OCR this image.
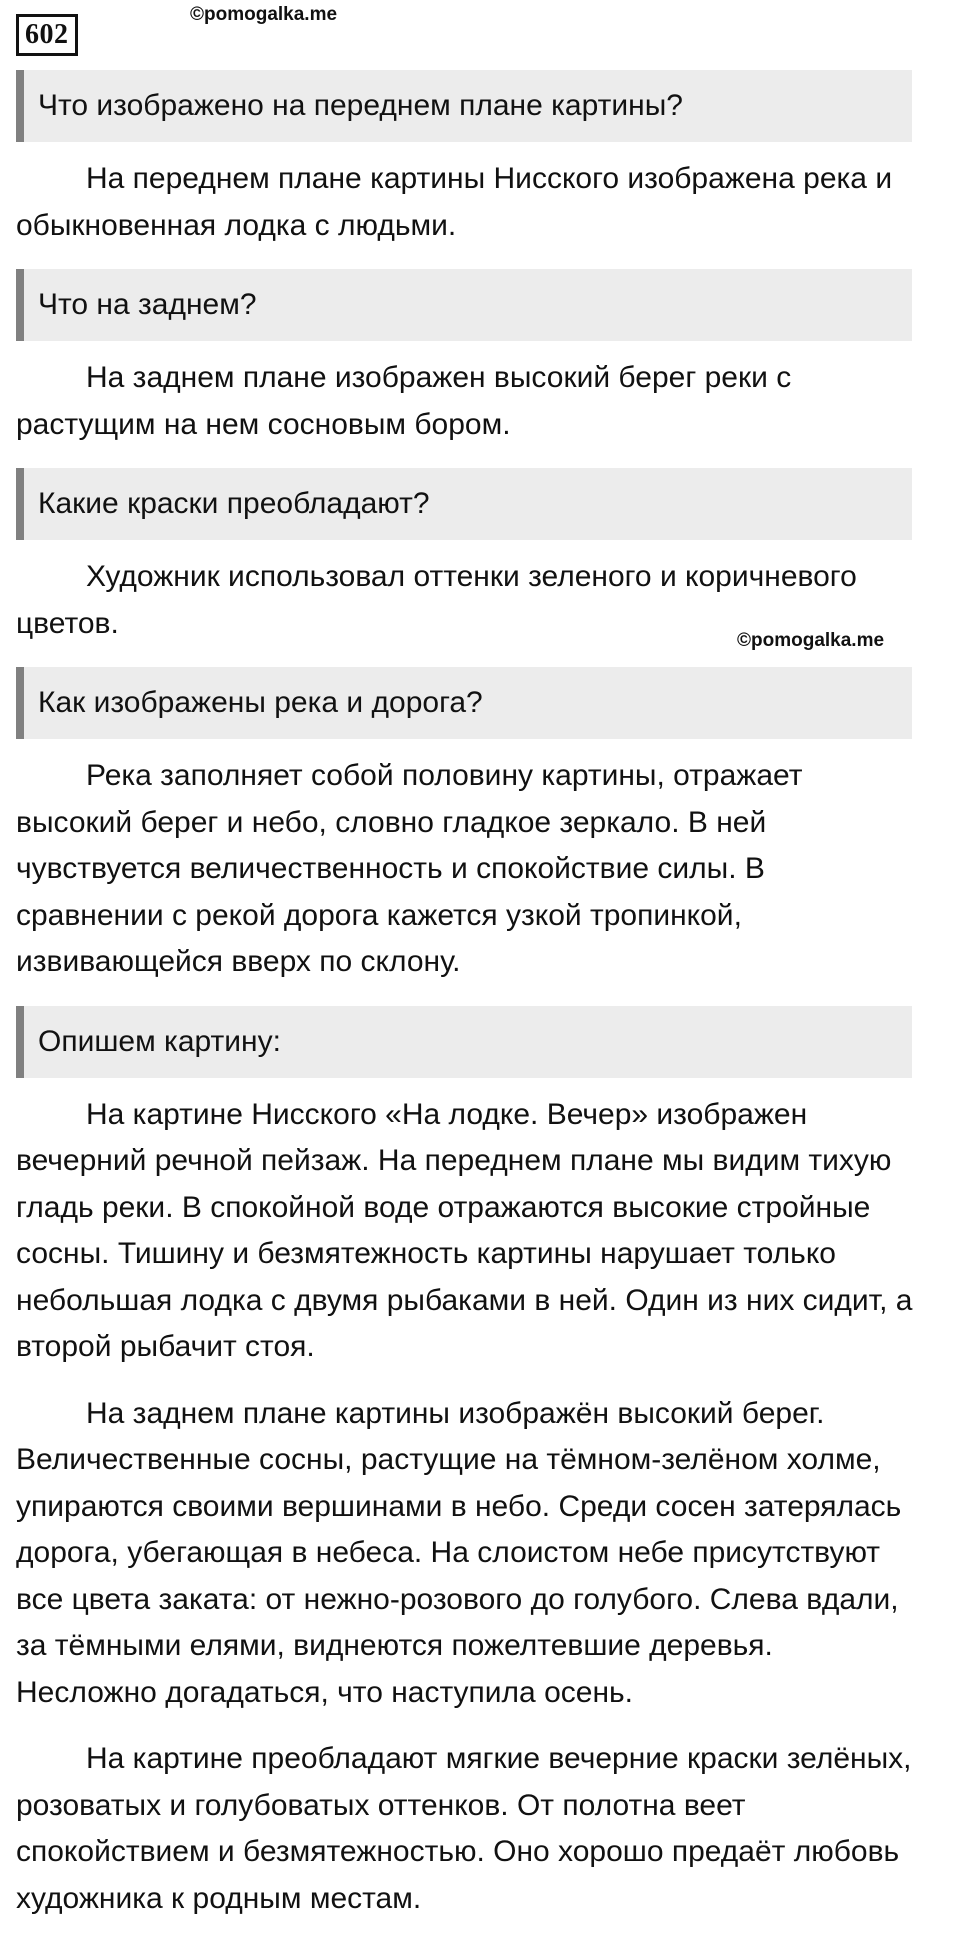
602
©pomogalka.me
Что изображено на переднем плане картины?

На переднем плане картины Нисского изображена река и обыкновенная лодка с людьми.

Что на заднем?

На заднем плане изображен высокий берег реки с растущим на нем сосновым бором.

Какие краски преобладают?

Художник использовал оттенки зеленого и коричневого цветов.

Как изображены река и дорога?

Река заполняет собой половину картины, отражает высокий берег и небо, словно гладкое зеркало. В ней чувствуется величественность и спокойствие силы. В сравнении с рекой дорога кажется узкой тропинкой, извивающейся вверх по склону.

Опишем картину:

На картине Нисского «На лодке. Вечер» изображен вечерний речной пейзаж. На переднем плане мы видим тихую гладь реки. В спокойной воде отражаются высокие стройные сосны. Тишину и безмятежность картины нарушает только небольшая лодка с двумя рыбаками в ней. Один из них сидит, а второй рыбачит стоя.

На заднем плане картины изображён высокий берег. Величественные сосны, растущие на тёмном-зелёном холме, упираются своими вершинами в небо. Среди сосен затерялась дорога, убегающая в небеса. На слоистом небе присутствуют все цвета заката: от нежно-розового до голубого. Слева вдали, за тёмными елями, виднеются пожелтевшие деревья. Несложно догадаться, что наступила осень.

На картине преобладают мягкие вечерние краски зелёных, розоватых и голубоватых оттенков. От полотна веет спокойствием и безмятежностью. Оно хорошо предаёт любовь художника к родным местам.

©pomogalka.me
